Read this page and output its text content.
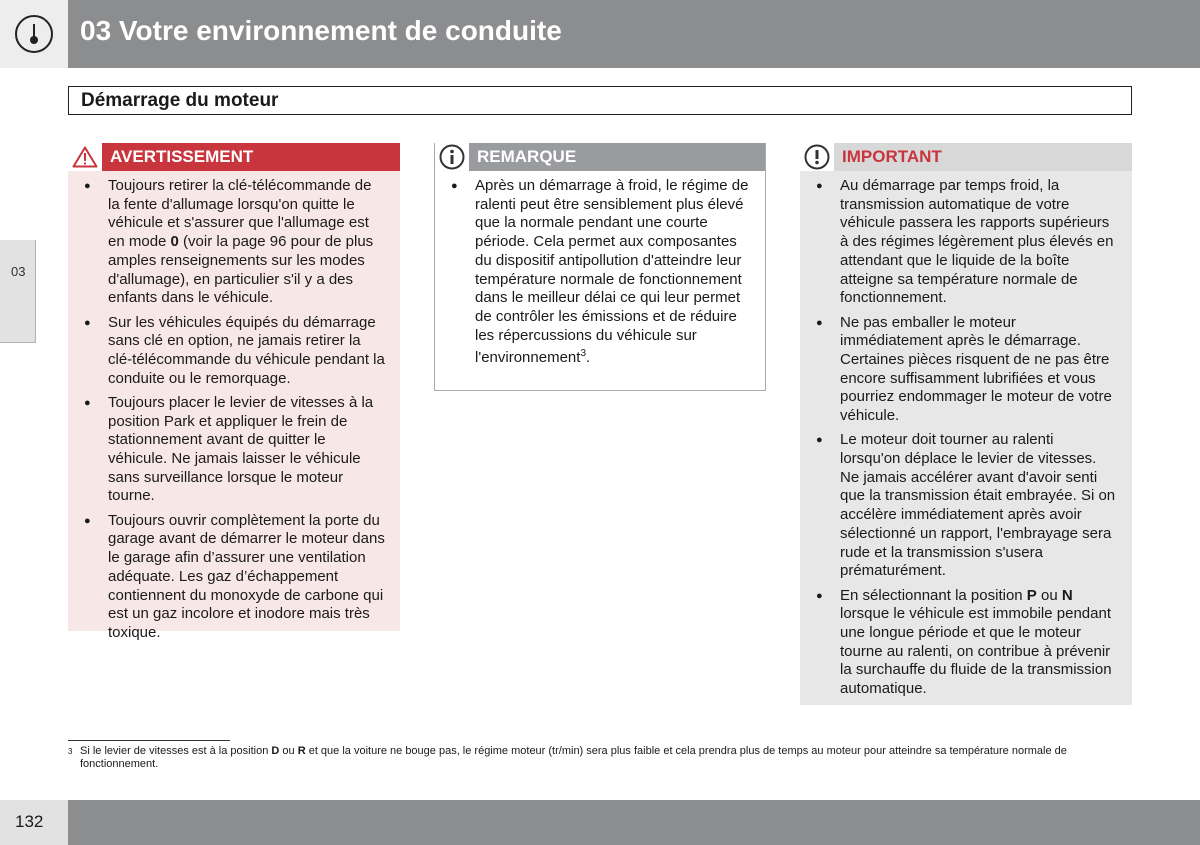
03 Votre environnement de conduite
Démarrage du moteur
03
AVERTISSEMENT
● Toujours retirer la clé-télécommande de la fente d'allumage lorsqu'on quitte le véhicule et s'assurer que l'allumage est en mode 0 (voir la page 96 pour de plus amples renseignements sur les modes d'allumage), en particulier s'il y a des enfants dans le véhicule.
● Sur les véhicules équipés du démarrage sans clé en option, ne jamais retirer la clé-télécommande du véhicule pendant la conduite ou le remorquage.
● Toujours placer le levier de vitesses à la position Park et appliquer le frein de stationnement avant de quitter le véhicule. Ne jamais laisser le véhicule sans surveillance lorsque le moteur tourne.
● Toujours ouvrir complètement la porte du garage avant de démarrer le moteur dans le garage afin d’assurer une ventilation adéquate. Les gaz d’échappement contiennent du monoxyde de carbone qui est un gaz incolore et inodore mais très toxique.
REMARQUE
● Après un démarrage à froid, le régime de ralenti peut être sensiblement plus élevé que la normale pendant une courte période. Cela permet aux composantes du dispositif antipollution d'atteindre leur température normale de fonctionnement dans le meilleur délai ce qui leur permet de contrôler les émissions et de réduire les répercussions du véhicule sur l'environnement$^3$.
IMPORTANT
● Au démarrage par temps froid, la transmission automatique de votre véhicule passera les rapports supérieurs à des régimes légèrement plus élevés en attendant que le liquide de la boîte atteigne sa température normale de fonctionnement.
● Ne pas emballer le moteur immédiatement après le démarrage. Certaines pièces risquent de ne pas être encore suffisamment lubrifiées et vous pourriez endommager le moteur de votre véhicule.
● Le moteur doit tourner au ralenti lorsqu'on déplace le levier de vitesses. Ne jamais accélérer avant d'avoir senti que la transmission était embrayée. Si on accélère immédiatement après avoir sélectionné un rapport, l'embrayage sera rude et la transmission s'usera prématurément.
● En sélectionnant la position P ou N lorsque le véhicule est immobile pendant une longue période et que le moteur tourne au ralenti, on contribue à prévenir la surchauffe du fluide de la transmission automatique.
3 Si le levier de vitesses est à la position D ou R et que la voiture ne bouge pas, le régime moteur (tr/min) sera plus faible et cela prendra plus de temps au moteur pour atteindre sa température normale de fonctionnement.
132
